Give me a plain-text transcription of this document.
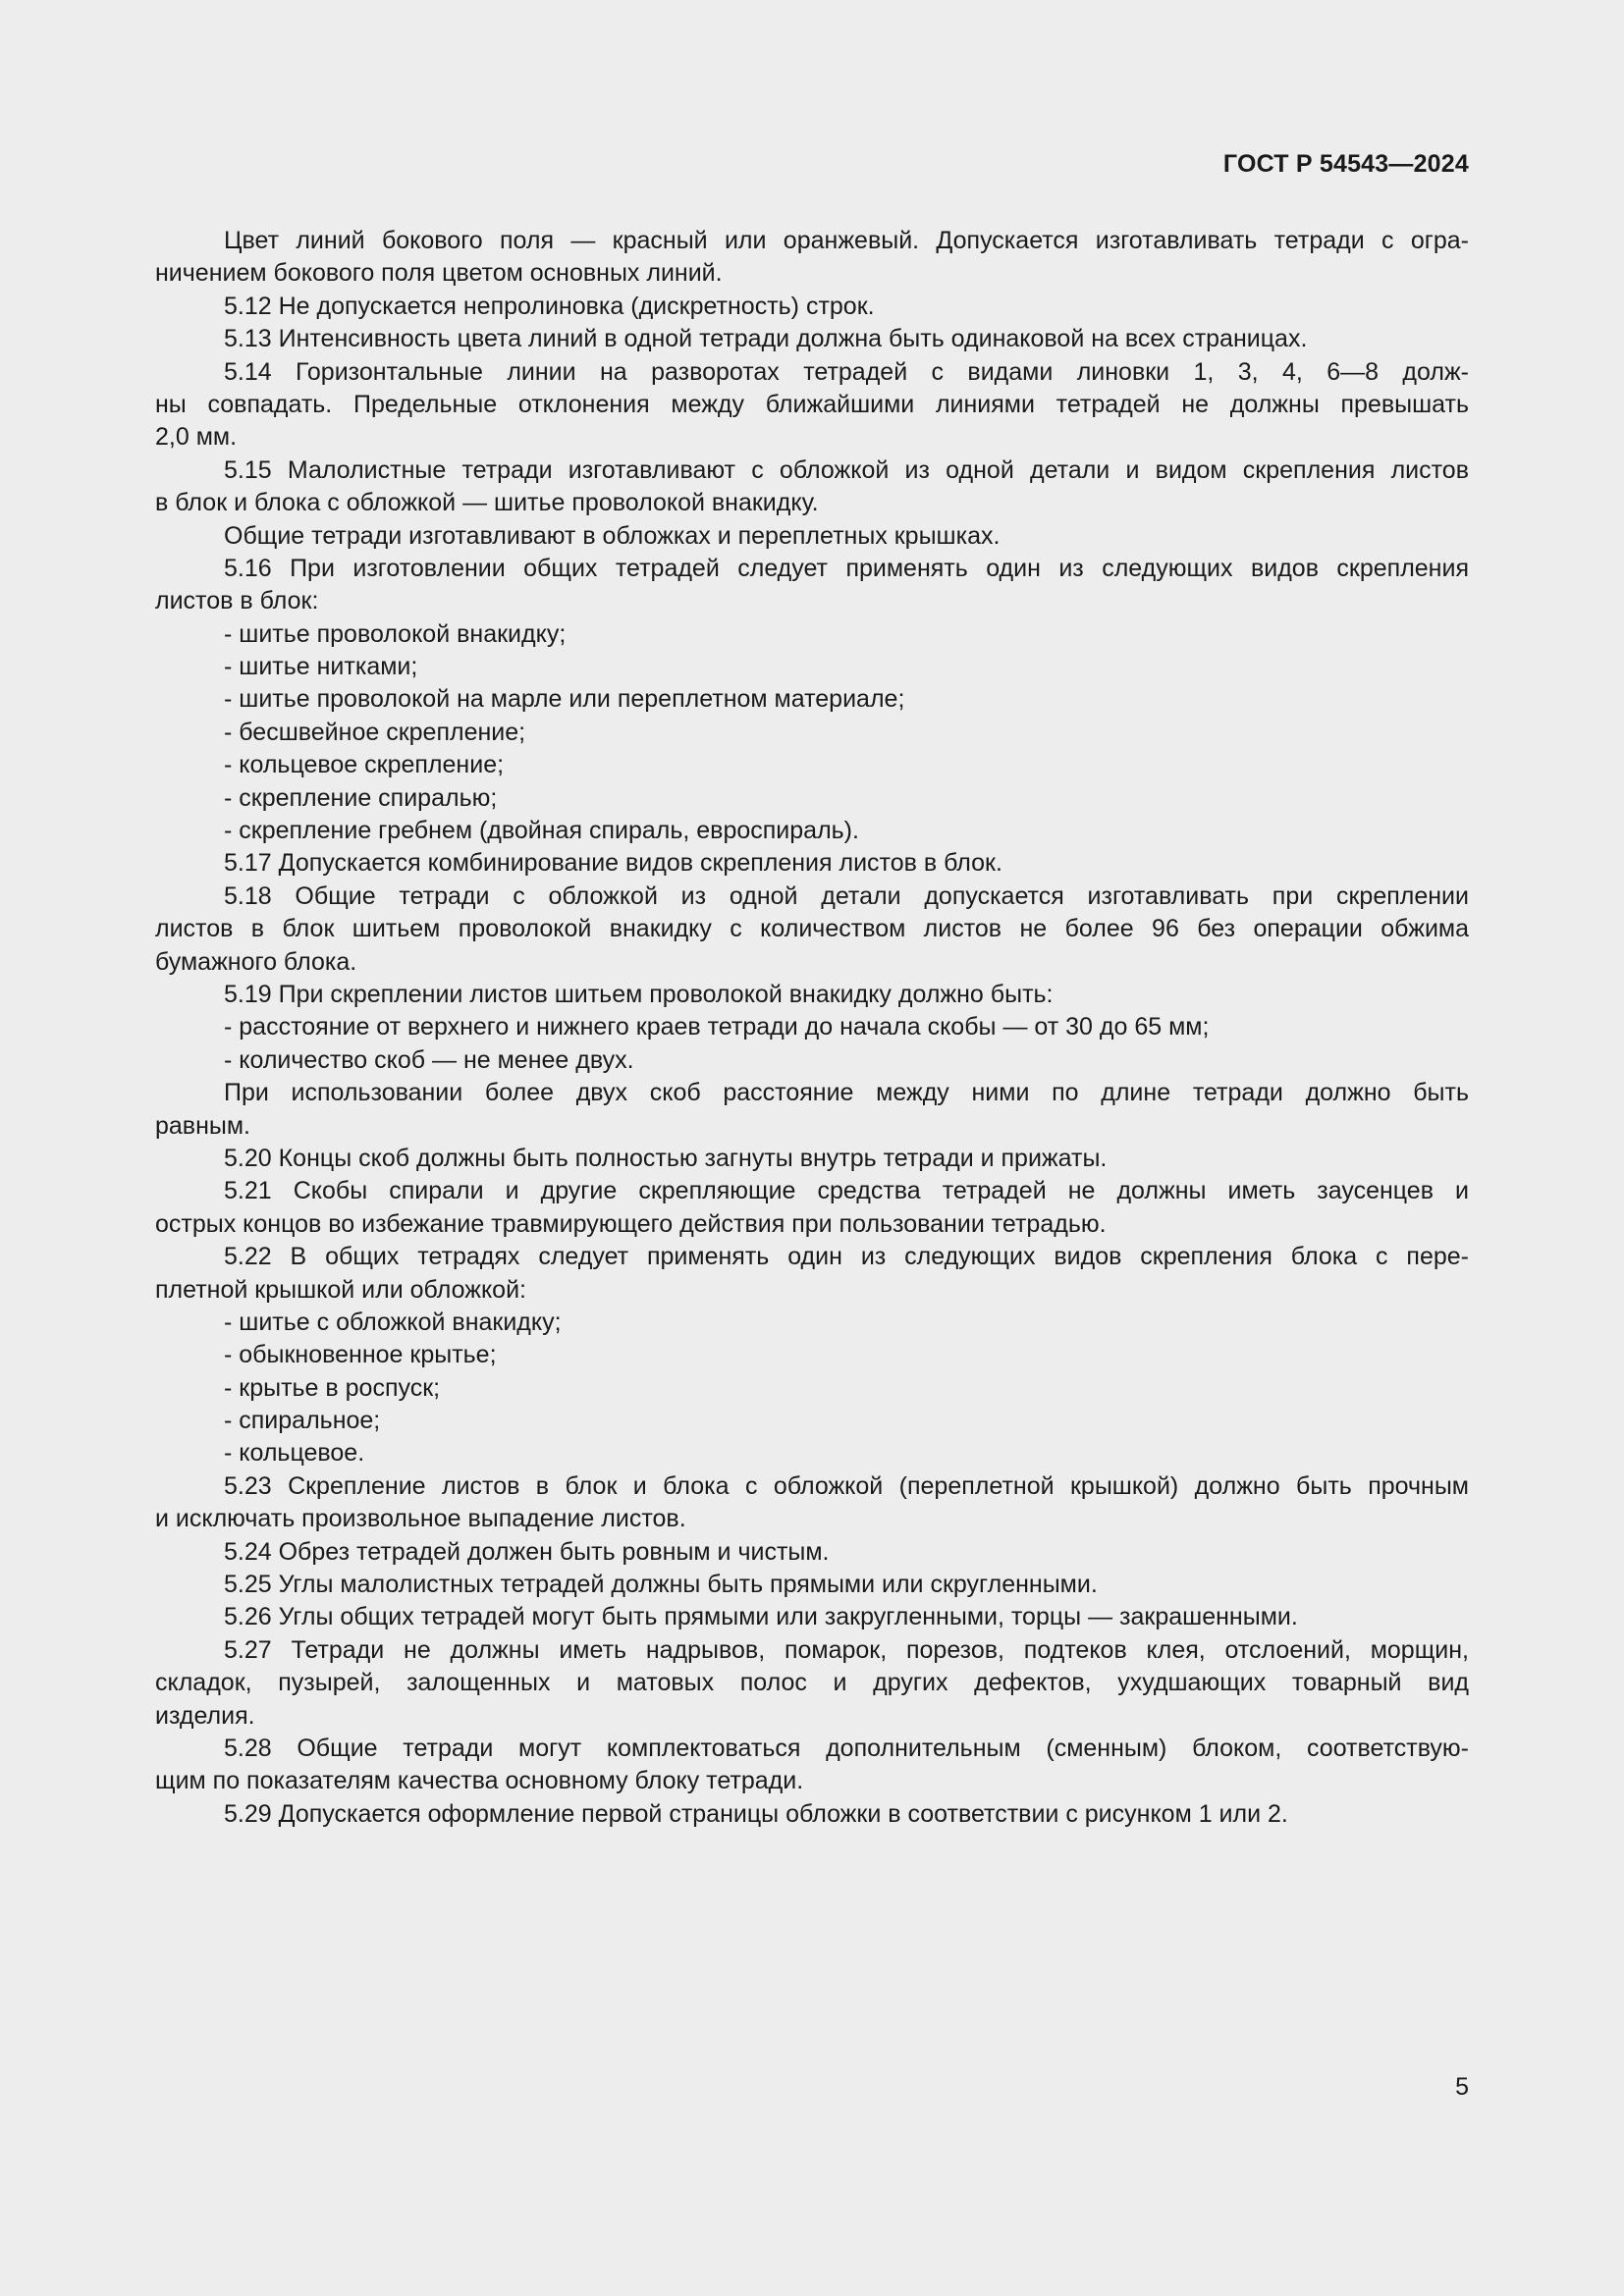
ГОСТ Р 54543—2024
Цвет линий бокового поля — красный или оранжевый. Допускается изготавливать тетради с огра-
ничением бокового поля цветом основных линий.
5.12 Не допускается непролиновка (дискретность) строк.
5.13 Интенсивность цвета линий в одной тетради должна быть одинаковой на всех страницах.
5.14 Горизонтальные линии на разворотах тетрадей с видами линовки 1, 3, 4, 6—8 долж-
ны совпадать. Предельные отклонения между ближайшими линиями тетрадей не должны превышать
2,0 мм.
5.15 Малолистные тетради изготавливают с обложкой из одной детали и видом скрепления листов
в блок и блока с обложкой — шитье проволокой внакидку.
Общие тетради изготавливают в обложках и переплетных крышках.
5.16 При изготовлении общих тетрадей следует применять один из следующих видов скрепления
листов в блок:
- шитье проволокой внакидку;
- шитье нитками;
- шитье проволокой на марле или переплетном материале;
- бесшвейное скрепление;
- кольцевое скрепление;
- скрепление спиралью;
- скрепление гребнем (двойная спираль, евроспираль).
5.17 Допускается комбинирование видов скрепления листов в блок.
5.18 Общие тетради с обложкой из одной детали допускается изготавливать при скреплении
листов в блок шитьем проволокой внакидку с количеством листов не более 96 без операции обжима
бумажного блока.
5.19 При скреплении листов шитьем проволокой внакидку должно быть:
- расстояние от верхнего и нижнего краев тетради до начала скобы — от 30 до 65 мм;
- количество скоб — не менее двух.
При использовании более двух скоб расстояние между ними по длине тетради должно быть
равным.
5.20 Концы скоб должны быть полностью загнуты внутрь тетради и прижаты.
5.21 Скобы спирали и другие скрепляющие средства тетрадей не должны иметь заусенцев и
острых концов во избежание травмирующего действия при пользовании тетрадью.
5.22 В общих тетрадях следует применять один из следующих видов скрепления блока с пере-
плетной крышкой или обложкой:
- шитье с обложкой внакидку;
- обыкновенное крытье;
- крытье в роспуск;
- спиральное;
- кольцевое.
5.23 Скрепление листов в блок и блока с обложкой (переплетной крышкой) должно быть прочным
и исключать произвольное выпадение листов.
5.24 Обрез тетрадей должен быть ровным и чистым.
5.25 Углы малолистных тетрадей должны быть прямыми или скругленными.
5.26 Углы общих тетрадей могут быть прямыми или закругленными, торцы — закрашенными.
5.27 Тетради не должны иметь надрывов, помарок, порезов, подтеков клея, отслоений, морщин,
складок, пузырей, залощенных и матовых полос и других дефектов, ухудшающих товарный вид
изделия.
5.28 Общие тетради могут комплектоваться дополнительным (сменным) блоком, соответствую-
щим по показателям качества основному блоку тетради.
5.29 Допускается оформление первой страницы обложки в соответствии с рисунком 1 или 2.
5
